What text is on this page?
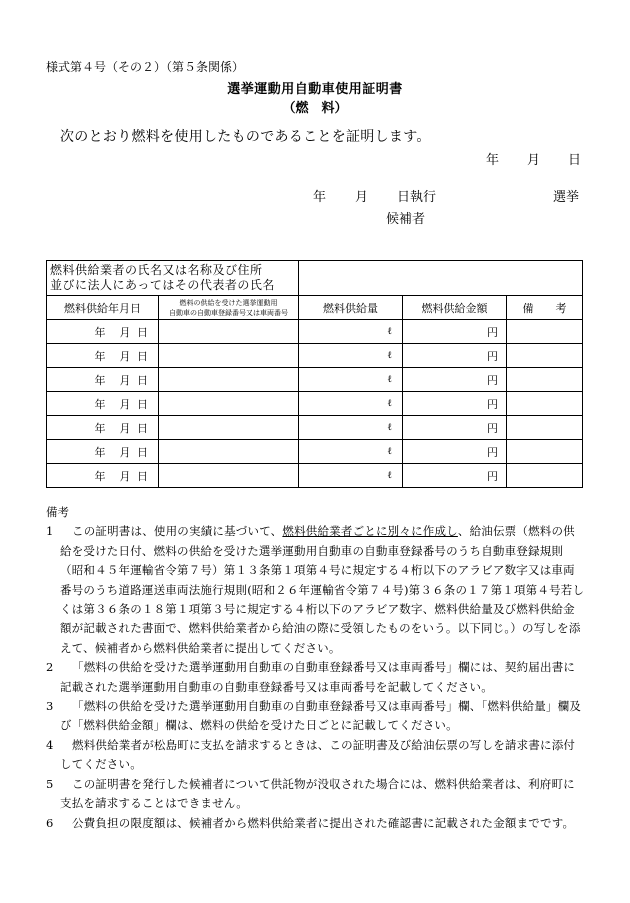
様式第４号（その２）（第５条関係）
選挙運動用自動車使用証明書
（燃　料）
次のとおり燃料を使用したものであることを証明します。
年 月 日
年 月 日執行	選挙
候補者
燃料供給業者の氏名又は名称及び住所
並びに法人にあってはその代表者の氏名				

燃料供給年月日	燃料の供給を受けた選挙運動用
自動車の自動車登録番号又は車両番号	燃料供給量	燃料供給金額	備　　考
年 月 日		ℓ	円	
年 月 日		ℓ	円	
年 月 日		ℓ	円	
年 月 日		ℓ	円	
年 月 日		ℓ	円	
年 月 日		ℓ	円	
年 月 日		ℓ	円	

備考

1	この証明書は、使用の実績に基づいて、燃料供給業者ごとに別々に作成し、給油伝票（燃料の供給を受けた日付、燃料の供給を受けた選挙運動用自動車の自動車登録番号のうち自動車登録規則（昭和４５年運輸省令第７号）第１３条第１項第４号に規定する４桁以下のアラビア数字又は車両番号のうち道路運送車両法施行規則(昭和２６年運輸省令第７４号)第３６条の１７第１項第４号若しくは第３６条の１８第１項第３号に規定する４桁以下のアラビア数字、燃料供給量及び燃料供給金額が記載された書面で、燃料供給業者から給油の際に受領したものをいう。以下同じ。）の写しを添えて、候補者から燃料供給業者に提出してください。
2	「燃料の供給を受けた選挙運動用自動車の自動車登録番号又は車両番号」欄には、契約届出書に記載された選挙運動用自動車の自動車登録番号又は車両番号を記載してください。
3	「燃料の供給を受けた選挙運動用自動車の自動車登録番号又は車両番号」欄、「燃料供給量」欄及び「燃料供給金額」欄は、燃料の供給を受けた日ごとに記載してください。
4	燃料供給業者が松島町に支払を請求するときは、この証明書及び給油伝票の写しを請求書に添付してください。
5	この証明書を発行した候補者について供託物が没収された場合には、燃料供給業者は、利府町に支払を請求することはできません。
6	公費負担の限度額は、候補者から燃料供給業者に提出された確認書に記載された金額までです。
